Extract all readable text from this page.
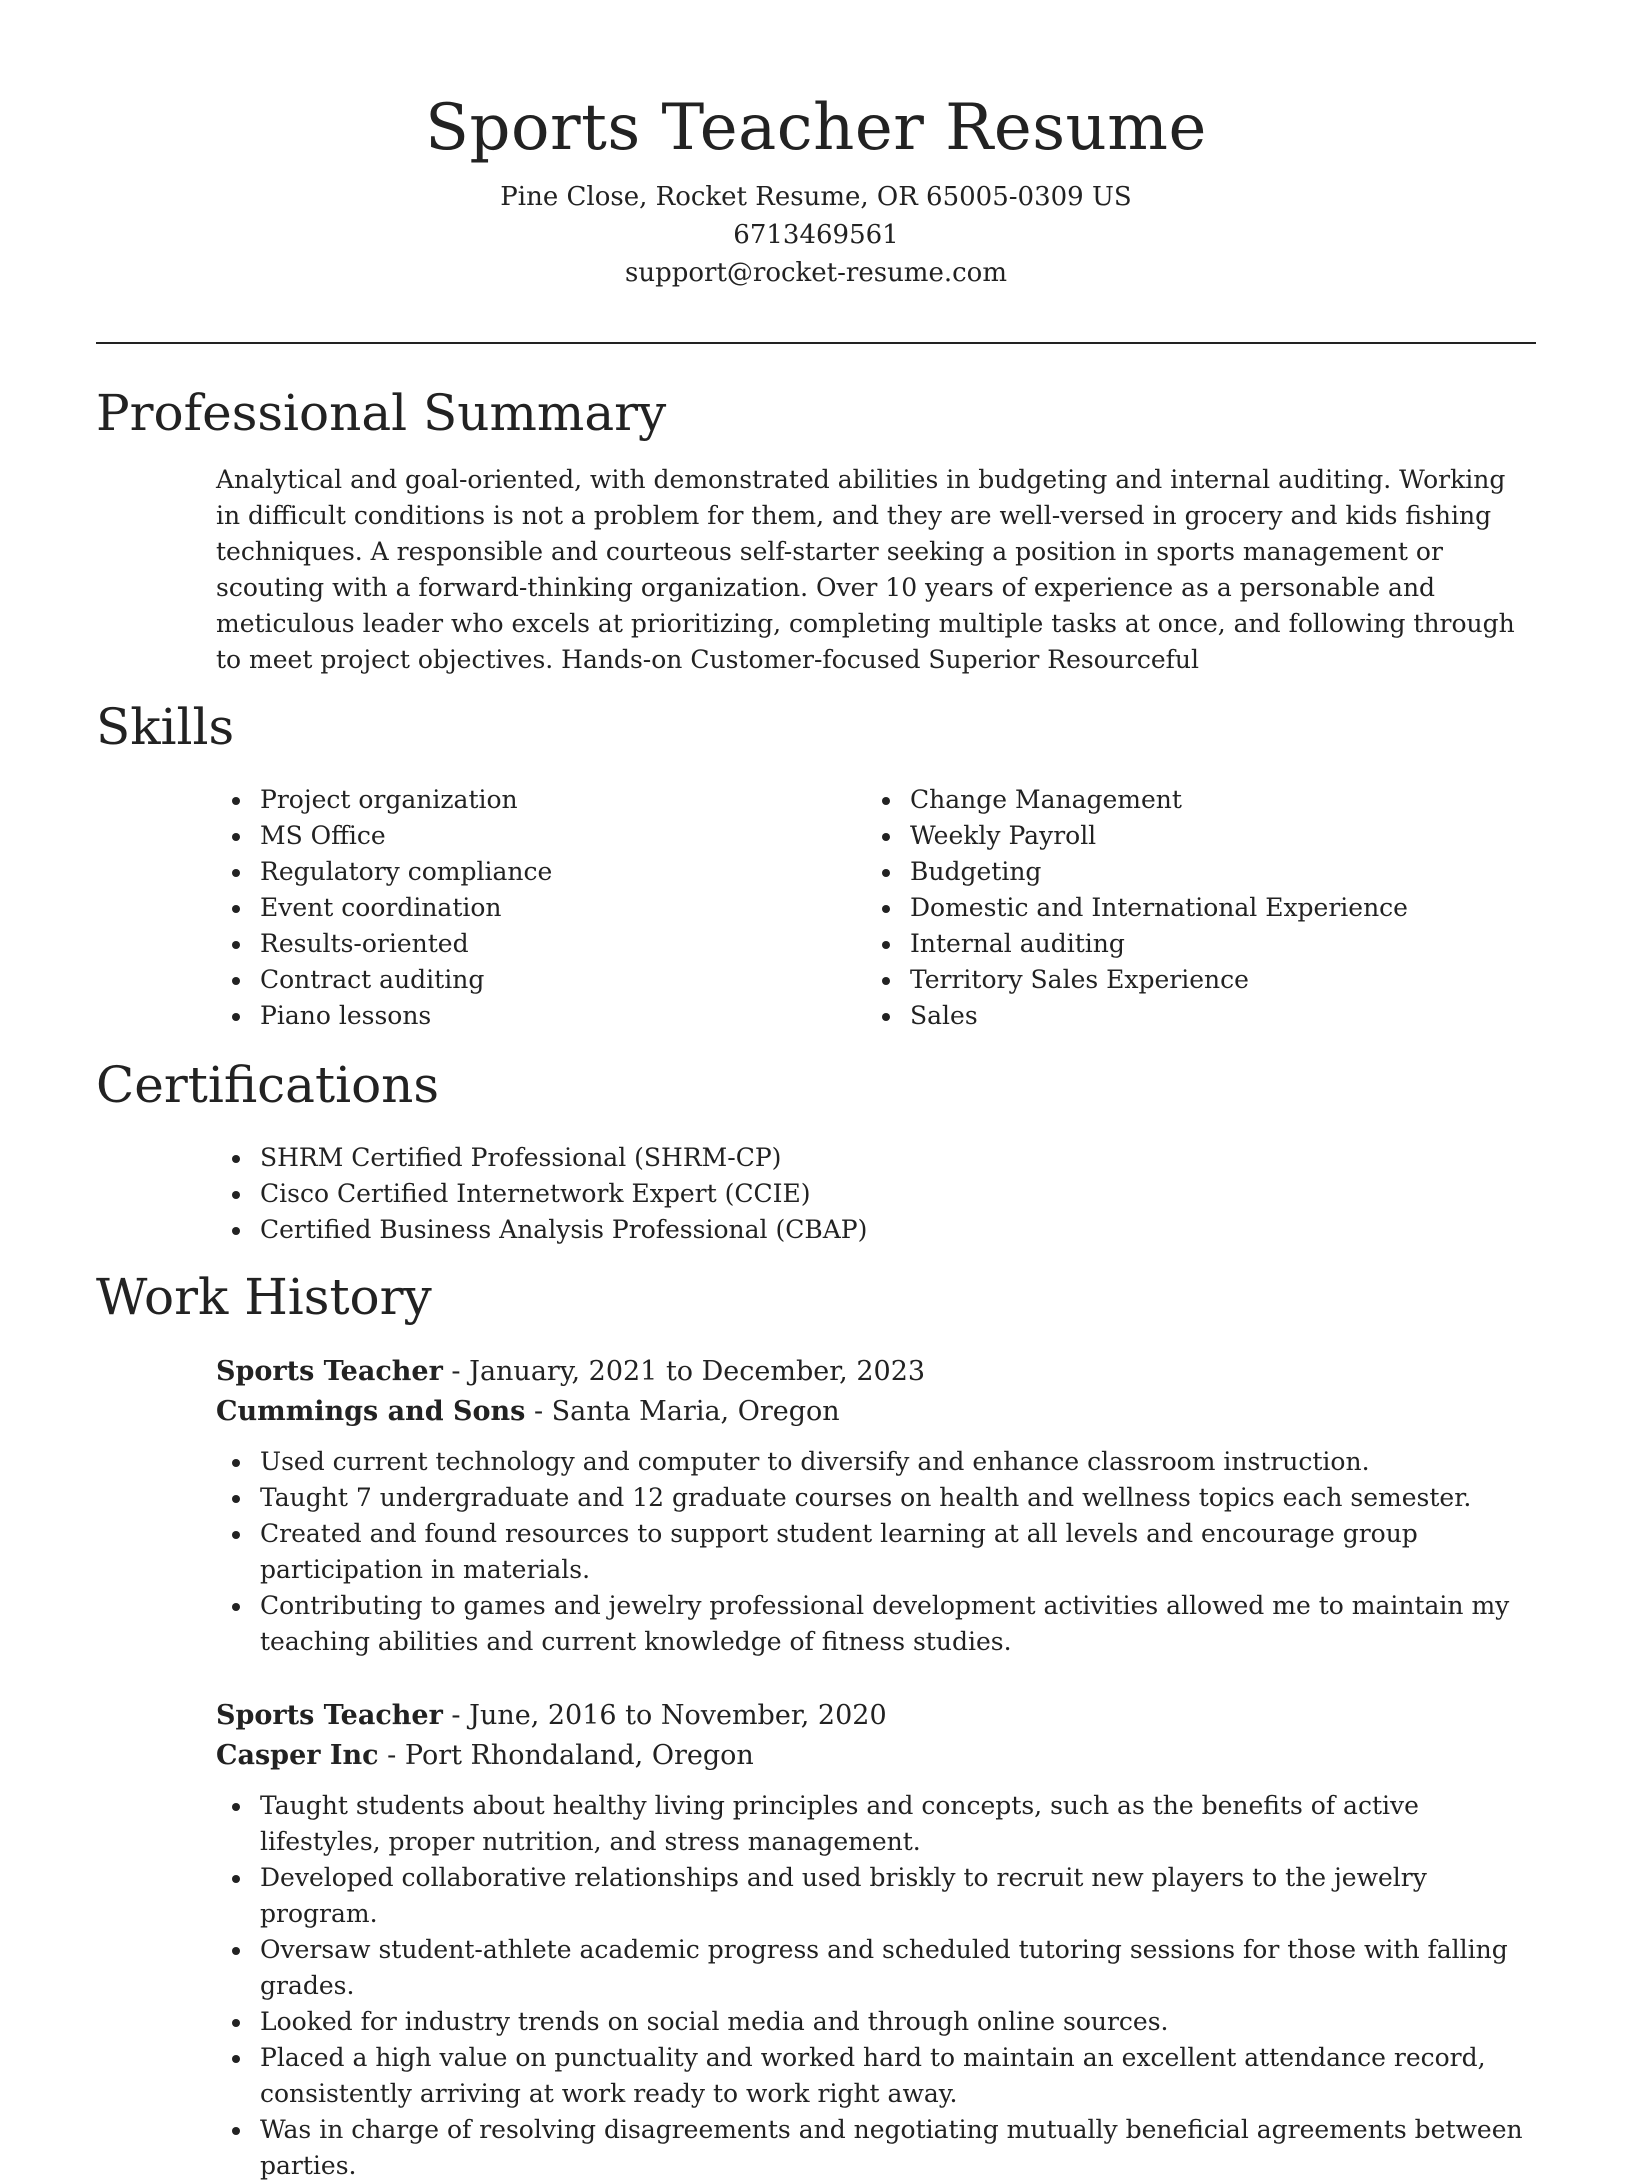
Sports Teacher Resume

Pine Close, Rocket Resume, OR 65005-0309 US

6713469561

support@rocket-resume.com

Professional Summary

Analytical and goal-oriented, with demonstrated abilities in budgeting and internal auditing. Working in difficult conditions is not a problem for them, and they are well-versed in grocery and kids fishing techniques. A responsible and courteous self-starter seeking a position in sports management or scouting with a forward-thinking organization. Over 10 years of experience as a personable and meticulous leader who excels at prioritizing, completing multiple tasks at once, and following through to meet project objectives. Hands-on Customer-focused Superior Resourceful

Skills
Project organization
MS Office
Regulatory compliance
Event coordination
Results-oriented
Contract auditing
Piano lessons
Change Management
Weekly Payroll
Budgeting
Domestic and International Experience
Internal auditing
Territory Sales Experience
Sales
Certifications
SHRM Certified Professional (SHRM-CP)
Cisco Certified Internetwork Expert (CCIE)
Certified Business Analysis Professional (CBAP)
Work History

Sports Teacher - January, 2021 to December, 2023

Cummings and Sons - Santa Maria, Oregon

Used current technology and computer to diversify and enhance classroom instruction.
Taught 7 undergraduate and 12 graduate courses on health and wellness topics each semester.
Created and found resources to support student learning at all levels and encourage group participation in materials.
Contributing to games and jewelry professional development activities allowed me to maintain my teaching abilities and current knowledge of fitness studies.

Sports Teacher - June, 2016 to November, 2020

Casper Inc - Port Rhondaland, Oregon

Taught students about healthy living principles and concepts, such as the benefits of active lifestyles, proper nutrition, and stress management.
Developed collaborative relationships and used briskly to recruit new players to the jewelry program.
Oversaw student-athlete academic progress and scheduled tutoring sessions for those with falling grades.
Looked for industry trends on social media and through online sources.
Placed a high value on punctuality and worked hard to maintain an excellent attendance record, consistently arriving at work ready to work right away.
Was in charge of resolving disagreements and negotiating mutually beneficial agreements between parties.
